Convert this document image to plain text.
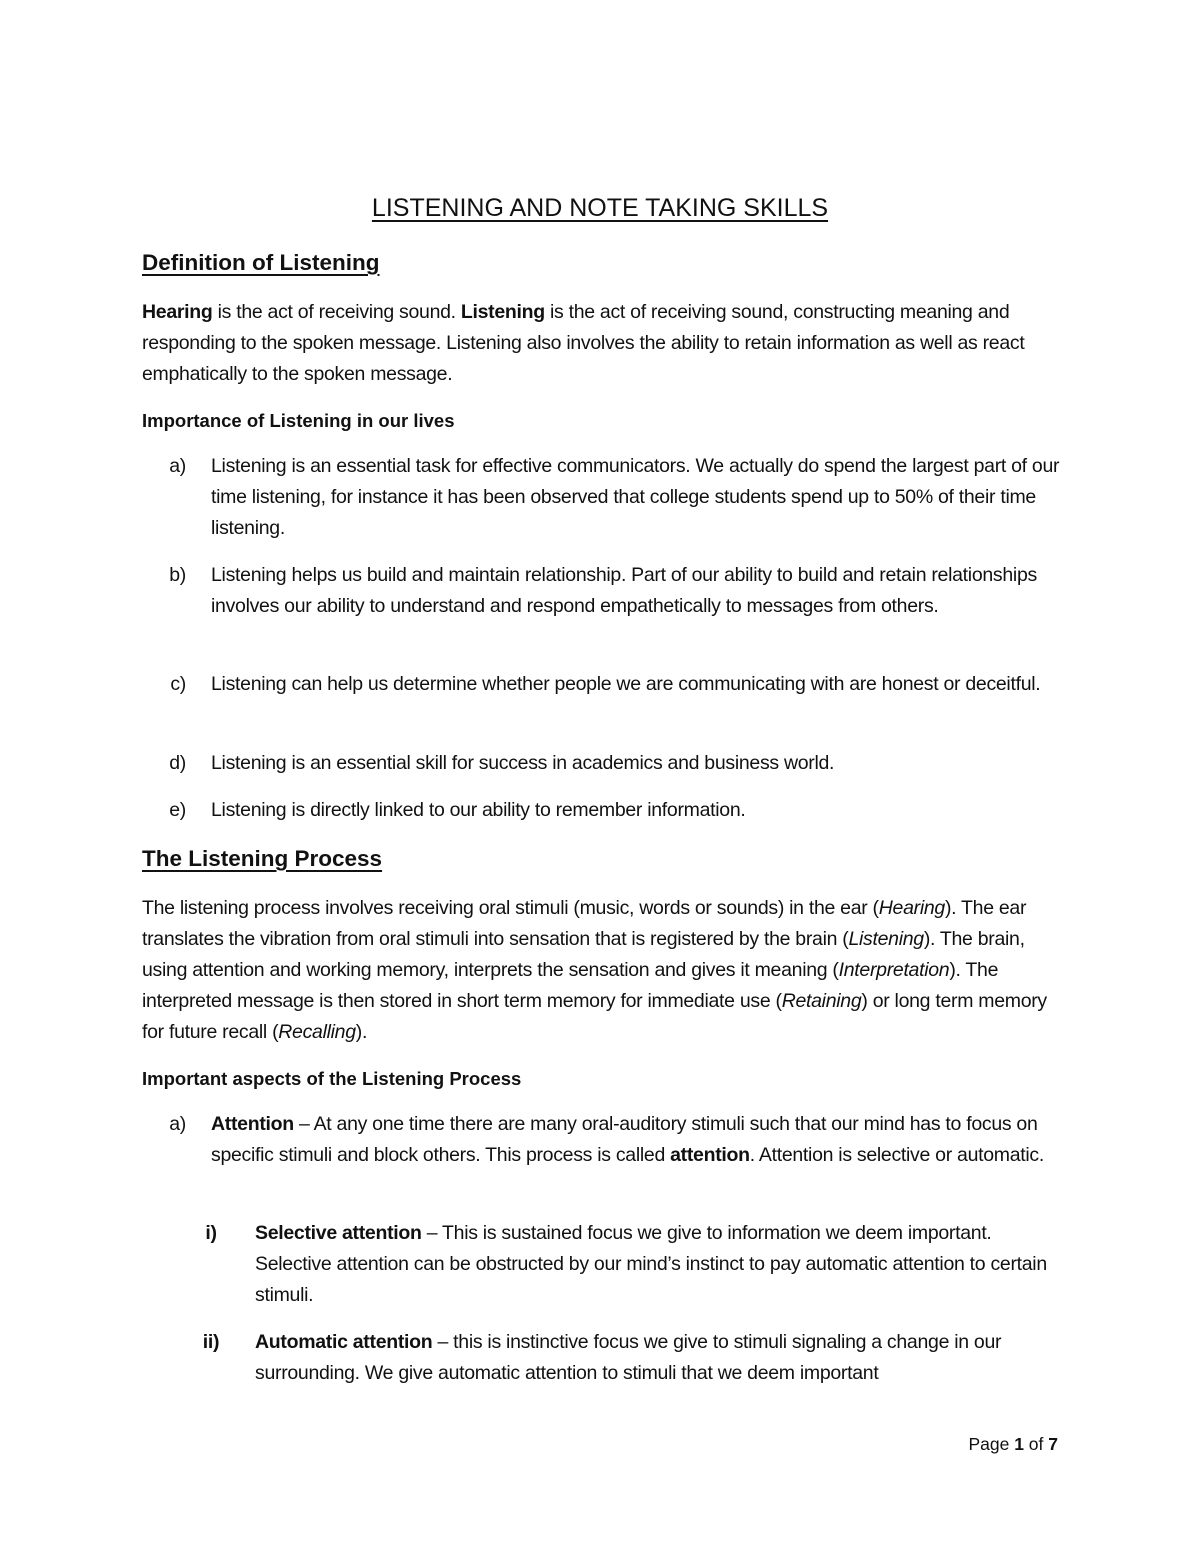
LISTENING AND NOTE TAKING SKILLS

Definition of Listening

Hearing is the act of receiving sound. Listening is the act of receiving sound, constructing meaning and responding to the spoken message. Listening also involves the ability to retain information as well as react emphatically to the spoken message.

Importance of Listening in our lives

a) Listening is an essential task for effective communicators. We actually do spend the largest part of our time listening, for instance it has been observed that college students spend up to 50% of their time listening.
b) Listening helps us build and maintain relationship. Part of our ability to build and retain relationships involves our ability to understand and respond empathetically to messages from others.
c) Listening can help us determine whether people we are communicating with are honest or deceitful.
d) Listening is an essential skill for success in academics and business world.
e) Listening is directly linked to our ability to remember information.

The Listening Process

The listening process involves receiving oral stimuli (music, words or sounds) in the ear (Hearing). The ear translates the vibration from oral stimuli into sensation that is registered by the brain (Listening). The brain, using attention and working memory, interprets the sensation and gives it meaning (Interpretation). The interpreted message is then stored in short term memory for immediate use (Retaining) or long term memory for future recall (Recalling).

Important aspects of the Listening Process

a) Attention – At any one time there are many oral-auditory stimuli such that our mind has to focus on specific stimuli and block others. This process is called attention. Attention is selective or automatic.
i)	Selective attention – This is sustained focus we give to information we deem important. Selective attention can be obstructed by our mind’s instinct to pay automatic attention to certain stimuli.
ii)	Automatic attention – this is instinctive focus we give to stimuli signaling a change in our surrounding. We give automatic attention to stimuli that we deem important
Page 1 of 7
